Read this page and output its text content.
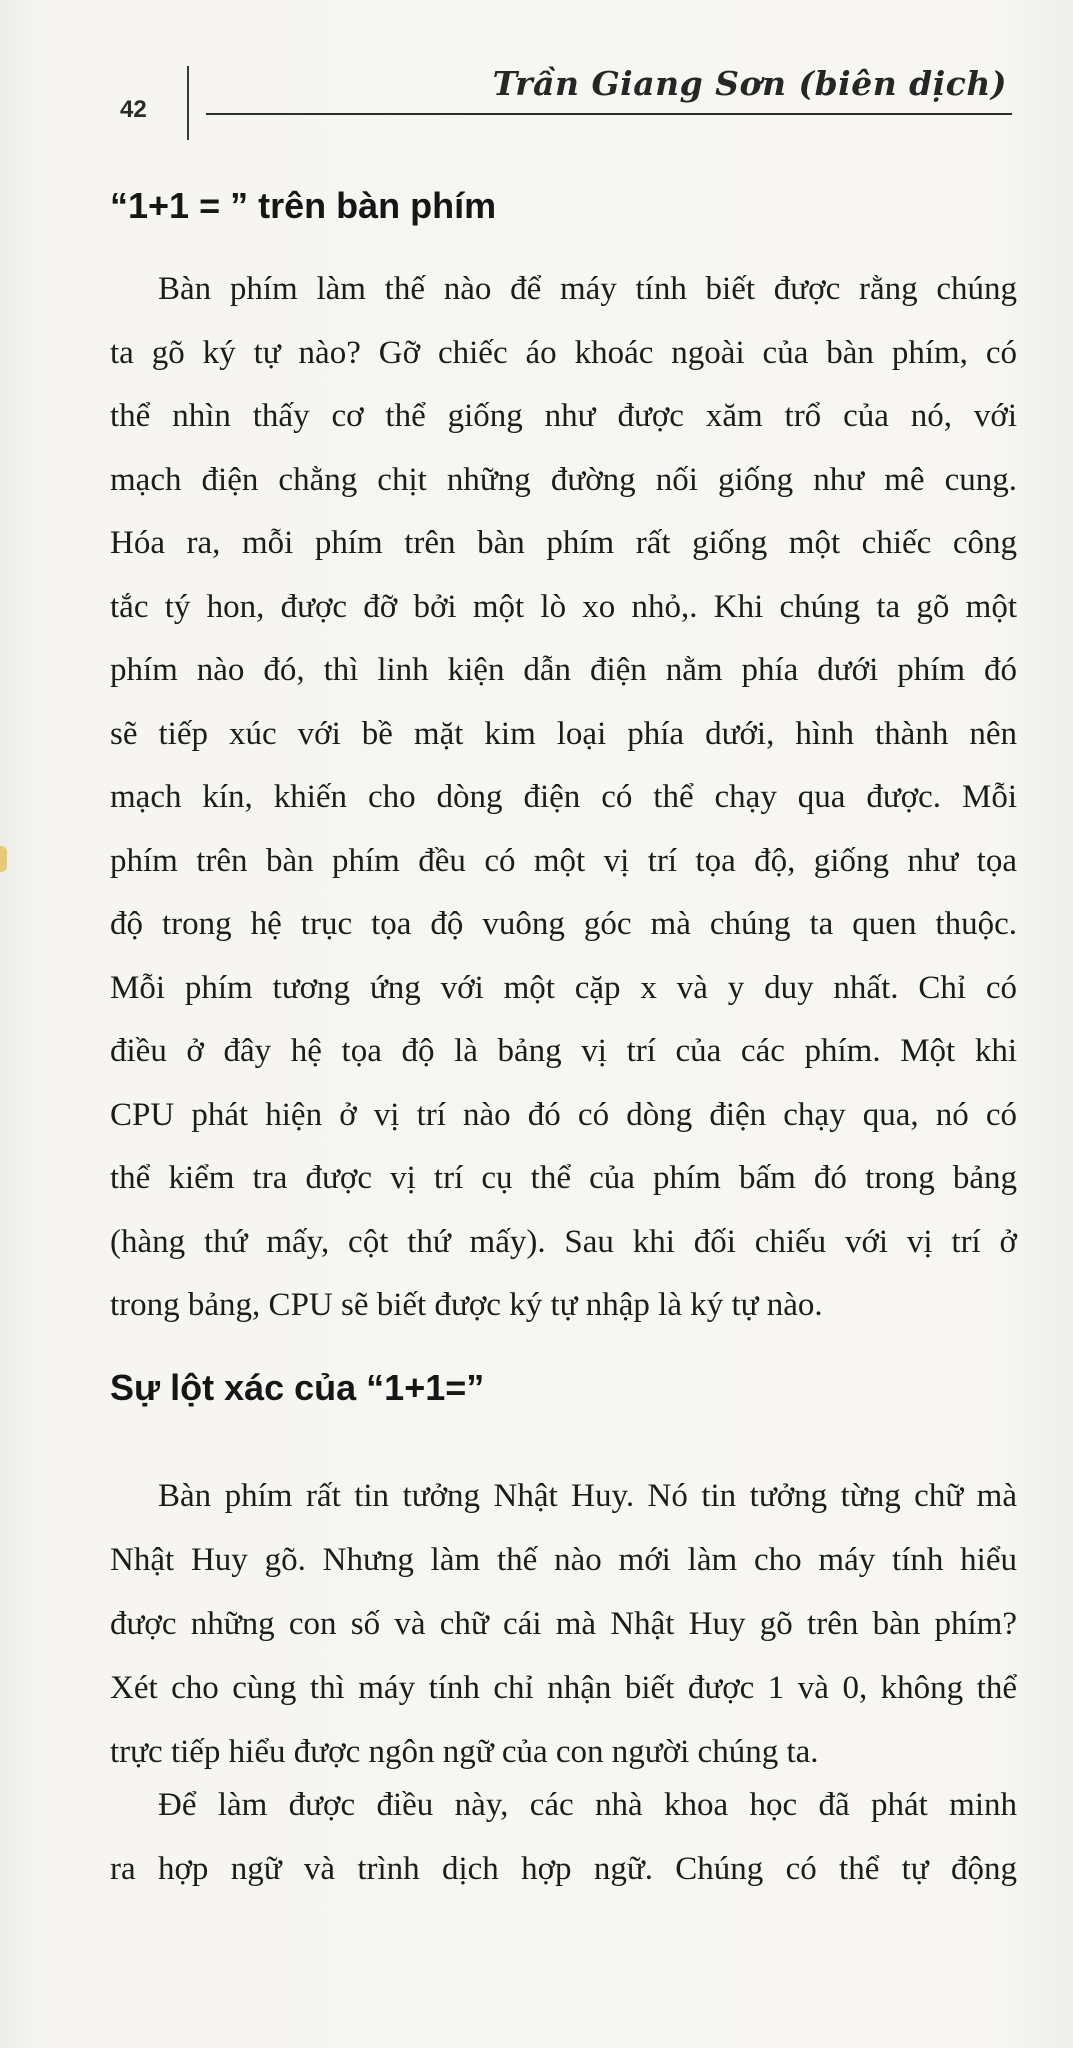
42
Trần Giang Sơn (biên dịch)
“1+1 = ” trên bàn phím
Bàn phím làm thế nào để máy tính biết được rằng chúng
ta gõ ký tự nào? Gỡ chiếc áo khoác ngoài của bàn phím, có
thể nhìn thấy cơ thể giống như được xăm trổ của nó, với
mạch điện chằng chịt những đường nối giống như mê cung.
Hóa ra, mỗi phím trên bàn phím rất giống một chiếc công
tắc tý hon, được đỡ bởi một lò xo nhỏ,. Khi chúng ta gõ một
phím nào đó, thì linh kiện dẫn điện nằm phía dưới phím đó
sẽ tiếp xúc với bề mặt kim loại phía dưới, hình thành nên
mạch kín, khiến cho dòng điện có thể chạy qua được. Mỗi
phím trên bàn phím đều có một vị trí tọa độ, giống như tọa
độ trong hệ trục tọa độ vuông góc mà chúng ta quen thuộc.
Mỗi phím tương ứng với một cặp x và y duy nhất. Chỉ có
điều ở đây hệ tọa độ là bảng vị trí của các phím. Một khi
CPU phát hiện ở vị trí nào đó có dòng điện chạy qua, nó có
thể kiểm tra được vị trí cụ thể của phím bấm đó trong bảng
(hàng thứ mấy, cột thứ mấy). Sau khi đối chiếu với vị trí ở
trong bảng, CPU sẽ biết được ký tự nhập là ký tự nào.
Sự lột xác của “1+1=”
Bàn phím rất tin tưởng Nhật Huy. Nó tin tưởng từng chữ mà
Nhật Huy gõ. Nhưng làm thế nào mới làm cho máy tính hiểu
được những con số và chữ cái mà Nhật Huy gõ trên bàn phím?
Xét cho cùng thì máy tính chỉ nhận biết được 1 và 0, không thể
trực tiếp hiểu được ngôn ngữ của con người chúng ta.
Để làm được điều này, các nhà khoa học đã phát minh
ra hợp ngữ và trình dịch hợp ngữ. Chúng có thể tự động
